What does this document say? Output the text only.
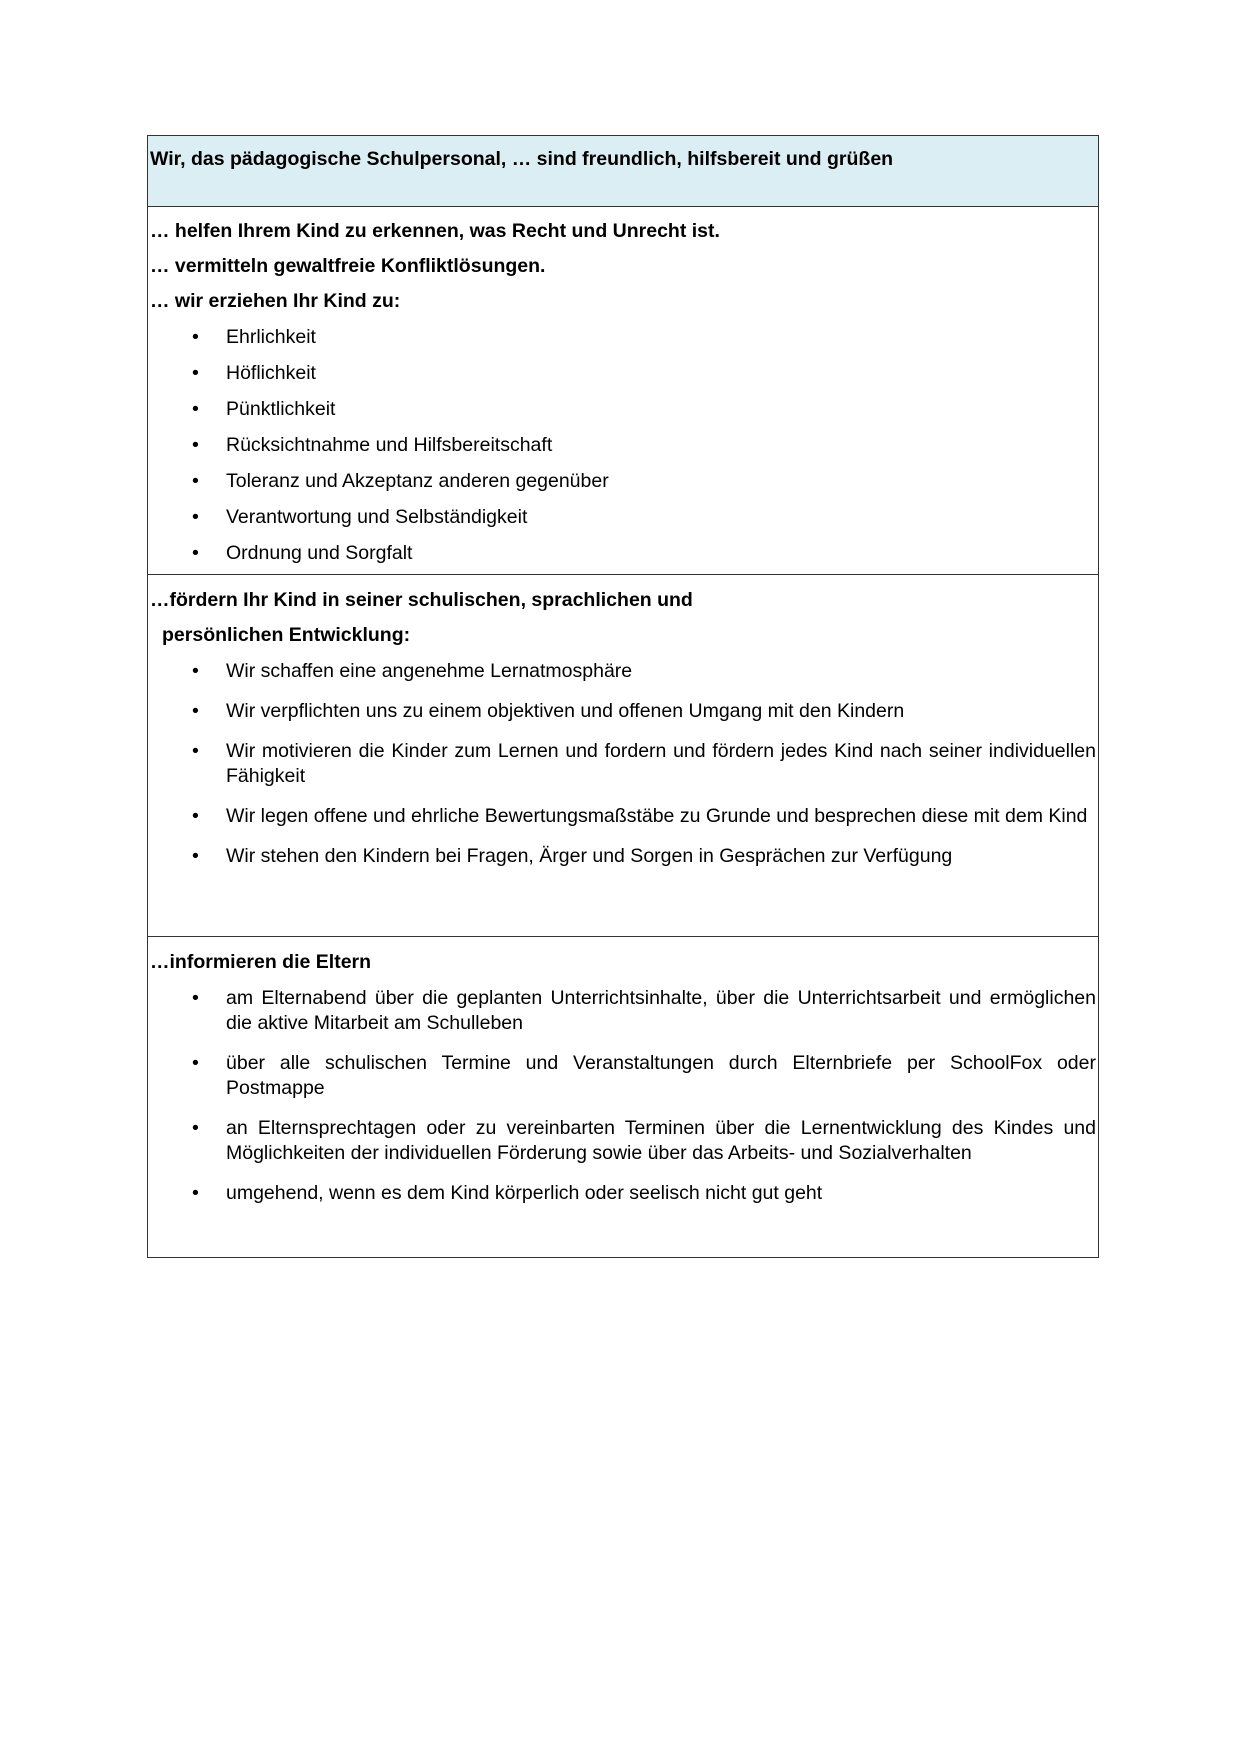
Wir, das pädagogische Schulpersonal, … sind freundlich, hilfsbereit und grüßen
… helfen Ihrem Kind zu erkennen, was Recht und Unrecht ist.
… vermitteln gewaltfreie Konfliktlösungen.
… wir erziehen Ihr Kind zu:
• Ehrlichkeit
• Höflichkeit
• Pünktlichkeit
• Rücksichtnahme und Hilfsbereitschaft
• Toleranz und Akzeptanz anderen gegenüber
• Verantwortung und Selbständigkeit
• Ordnung und Sorgfalt
…fördern Ihr Kind in seiner schulischen, sprachlichen und
persönlichen Entwicklung:
• Wir schaffen eine angenehme Lernatmosphäre
• Wir verpflichten uns zu einem objektiven und offenen Umgang mit den Kindern
• Wir motivieren die Kinder zum Lernen und fordern und fördern jedes Kind nach seiner individuellen Fähigkeit
• Wir legen offene und ehrliche Bewertungsmaßstäbe zu Grunde und besprechen diese mit dem Kind
• Wir stehen den Kindern bei Fragen, Ärger und Sorgen in Gesprächen zur Verfügung
…informieren die Eltern
• am Elternabend über die geplanten Unterrichtsinhalte, über die Unterrichtsarbeit und ermöglichen die aktive Mitarbeit am Schulleben
• über alle schulischen Termine und Veranstaltungen durch Elternbriefe per SchoolFox oder Postmappe
• an Elternsprechtagen oder zu vereinbarten Terminen über die Lernentwicklung des Kindes und Möglichkeiten der individuellen Förderung sowie über das Arbeits- und Sozialverhalten
• umgehend, wenn es dem Kind körperlich oder seelisch nicht gut geht
